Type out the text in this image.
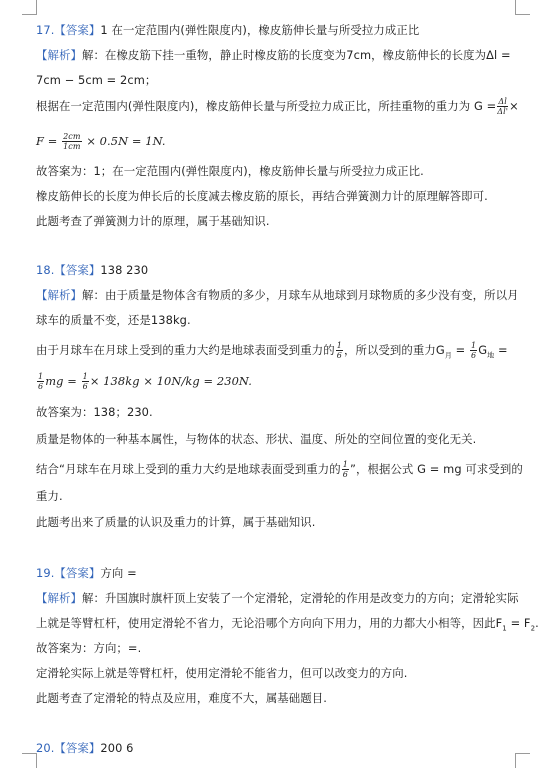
17.【答案】1 在一定范围内(弹性限度内)，橡皮筋伸长量与所受拉力成正比
【解析】解：在橡皮筋下挂一重物，静止时橡皮筋的长度变为7cm，橡皮筋伸长的长度为Δl =
7cm − 5cm = 2cm；
根据在一定范围内(弹性限度内)，橡皮筋伸长量与所受拉力成正比，所挂重物的重力为 $G = \frac{\Delta l}{\Delta l'}$ ×
$F = \frac{2cm}{1cm} \times 0.5N = 1N$.
故答案为：1；在一定范围内(弹性限度内)，橡皮筋伸长量与所受拉力成正比.
橡皮筋伸长的长度为伸长后的长度减去橡皮筋的原长，再结合弹簧测力计的原理解答即可.
此题考查了弹簧测力计的原理，属于基础知识.
18.【答案】138 230
【解析】解：由于质量是物体含有物质的多少，月球车从地球到月球物质的多少没有变，所以月
球车的质量不变，还是138kg.
由于月球车在月球上受到的重力大约是地球表面受到重力的 $\frac{1}{6}$ ，所以受到的重力$G_月 = \frac{1}{6} G_地$ =
$\frac{1}{6}$ mg = $\frac{1}{6} \times 138kg \times 10N/kg = 230N$.
故答案为：138；230.
质量是物体的一种基本属性，与物体的状态、形状、温度、所处的空间位置的变化无关.
结合“月球车在月球上受到的重力大约是地球表面受到重力的 $\frac{1}{6}$ ”，根据公式 G = mg 可求受到的
重力.
此题考出来了质量的认识及重力的计算，属于基础知识.
19.【答案】方向 =
【解析】解：升国旗时旗杆顶上安装了一个定滑轮，定滑轮的作用是改变力的方向；定滑轮实际
上就是等臂杠杆，使用定滑轮不省力，无论沿哪个方向向下用力，用的力都大小相等，因此$F_1 = F_2$.
故答案为：方向；=.
定滑轮实际上就是等臂杠杆，使用定滑轮不能省力，但可以改变力的方向.
此题考查了定滑轮的特点及应用，难度不大，属基础题目.
20.【答案】200 6
